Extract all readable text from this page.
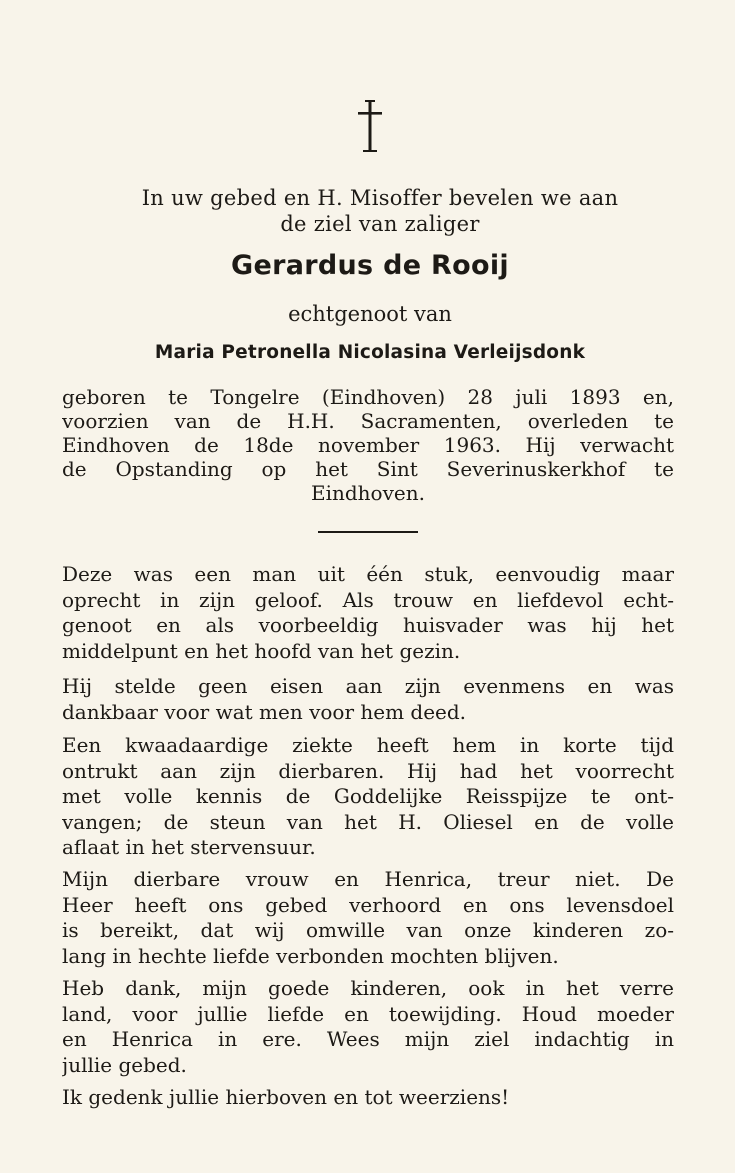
In uw gebed en H. Misoffer bevelen we aan
de ziel van zaliger
Gerardus de Rooij
echtgenoot van
Maria Petronella Nicolasina Verleijsdonk
geboren te Tongelre (Eindhoven) 28 juli 1893 en,
voorzien van de H.H. Sacramenten, overleden te
Eindhoven de 18de november 1963. Hij verwacht
de Opstanding op het Sint Severinuskerkhof te
Eindhoven.
Deze was een man uit één stuk, eenvoudig maar
oprecht in zijn geloof. Als trouw en liefdevol echt-
genoot en als voorbeeldig huisvader was hij het
middelpunt en het hoofd van het gezin.
Hij stelde geen eisen aan zijn evenmens en was
dankbaar voor wat men voor hem deed.
Een kwaadaardige ziekte heeft hem in korte tijd
ontrukt aan zijn dierbaren. Hij had het voorrecht
met volle kennis de Goddelijke Reisspijze te ont-
vangen; de steun van het H. Oliesel en de volle
aflaat in het stervensuur.
Mijn dierbare vrouw en Henrica, treur niet. De
Heer heeft ons gebed verhoord en ons levensdoel
is bereikt, dat wij omwille van onze kinderen zo-
lang in hechte liefde verbonden mochten blijven.
Heb dank, mijn goede kinderen, ook in het verre
land, voor jullie liefde en toewijding. Houd moeder
en Henrica in ere. Wees mijn ziel indachtig in
jullie gebed.
Ik gedenk jullie hierboven en tot weerziens!
